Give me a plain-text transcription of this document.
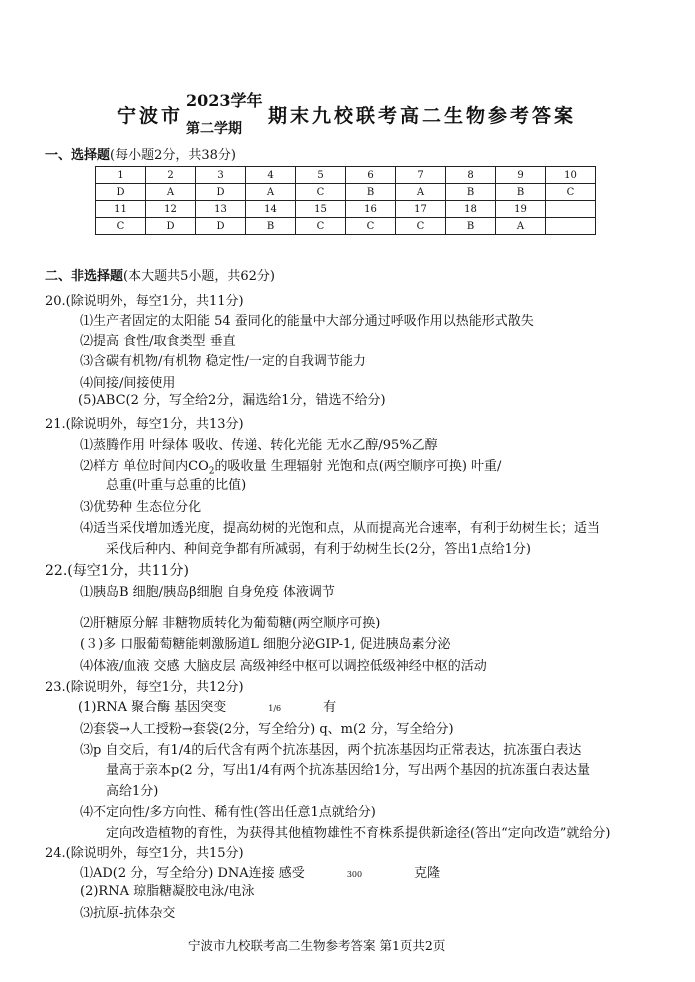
2023学年
宁波市
第二学期
期末九校联考高二生物参考答案
一、选择题(每小题2分，共38分)
1	2	3	4	5	6	7	8	9	10
D	A	D	A	C	B	A	B	B	C
11	12	13	14	15	16	17	18	19	
C	D	D	B	C	C	C	B	A	
二、非选择题(本大题共5小题，共62分)
20.(除说明外，每空1分，共11分)
⑴生产者固定的太阳能 54 蚕同化的能量中大部分通过呼吸作用以热能形式散失
⑵提高 食性/取食类型 垂直
⑶含碳有机物/有机物 稳定性/一定的自我调节能力
⑷间接/间接使用
(5)ABC(2 分，写全给2分，漏选给1分，错选不给分)
21.(除说明外，每空1分，共13分)
⑴蒸腾作用 叶绿体 吸收、传递、转化光能 无水乙醇/95%乙醇
⑵样方 单位时间内$CO_2$的吸收量 生理辐射 光饱和点(两空顺序可换) 叶重/
总重(叶重与总重的比值)
⑶优势种 生态位分化
⑷适当采伐增加透光度，提高幼树的光饱和点，从而提高光合速率，有利于幼树生长；适当
采伐后种内、种间竞争都有所减弱，有利于幼树生长(2分，答出1点给1分)
22.(每空1分，共11分)
⑴胰岛B 细胞/胰岛β细胞 自身免疫 体液调节
⑵肝糖原分解 非糖物质转化为葡萄糖(两空顺序可换)
(３)多 口服葡萄糖能刺激肠道L 细胞分泌GIP-1, 促进胰岛素分泌
⑷体液/血液 交感 大脑皮层 高级神经中枢可以调控低级神经中枢的活动
23.(除说明外，每空1分，共12分)
(1)RNA 聚合酶 基因突变	1/6	有
⑵套袋→人工授粉→套袋(2分，写全给分) q、m(2 分，写全给分)
⑶p 自交后，有1/4的后代含有两个抗冻基因，两个抗冻基因均正常表达，抗冻蛋白表达
量高于亲本p(2 分，写出1/4有两个抗冻基因给1分，写出两个基因的抗冻蛋白表达量
高给1分)
⑷不定向性/多方向性、稀有性(答出任意1点就给分)
定向改造植物的育性，为获得其他植物雄性不育株系提供新途径(答出“定向改造”就给分)
24.(除说明外，每空1分，共15分)
⑴AD(2 分，写全给分) DNA连接 感受	300	克隆
(2)RNA 琼脂糖凝胶电泳/电泳
⑶抗原-抗体杂交
宁波市九校联考高二生物参考答案 第1页共2页
